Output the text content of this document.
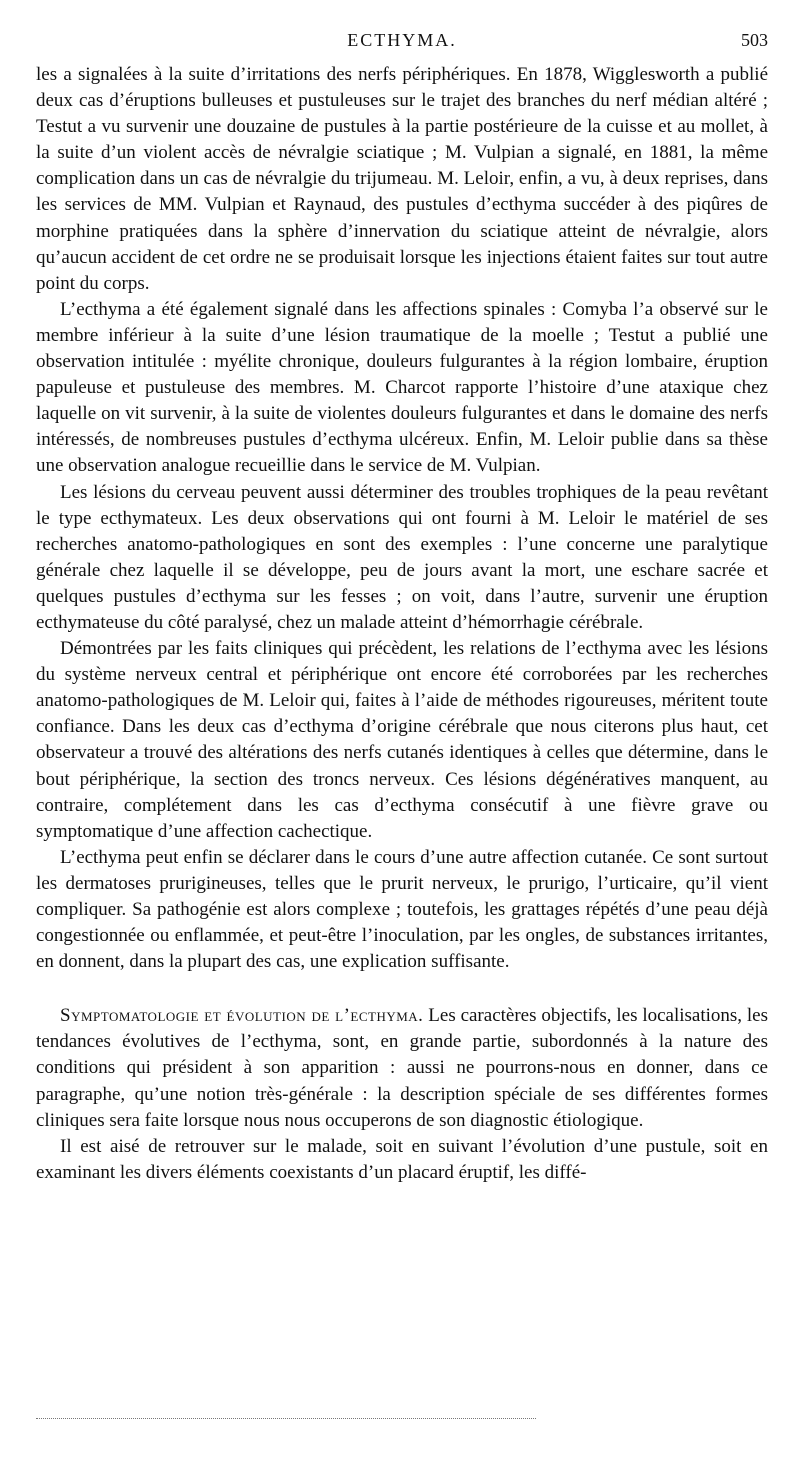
ECTHYMA.	503

les a signalées à la suite d’irritations des nerfs périphériques. En 1878, Wigglesworth a publié deux cas d’éruptions bulleuses et pustuleuses sur le trajet des branches du nerf médian altéré ; Testut a vu survenir une douzaine de pustules à la partie postérieure de la cuisse et au mollet, à la suite d’un violent accès de névralgie sciatique ; M. Vulpian a signalé, en 1881, la même complication dans un cas de névralgie du trijumeau. M. Leloir, enfin, a vu, à deux reprises, dans les services de MM. Vulpian et Raynaud, des pustules d’ecthyma succéder à des piqûres de morphine pratiquées dans la sphère d’innervation du sciatique atteint de névralgie, alors qu’aucun accident de cet ordre ne se produisait lorsque les injections étaient faites sur tout autre point du corps.

L’ecthyma a été également signalé dans les affections spinales : Comyba l’a observé sur le membre inférieur à la suite d’une lésion traumatique de la moelle ; Testut a publié une observation intitulée : myélite chronique, douleurs fulgurantes à la région lombaire, éruption papuleuse et pustuleuse des membres. M. Charcot rapporte l’histoire d’une ataxique chez laquelle on vit survenir, à la suite de violentes douleurs fulgurantes et dans le domaine des nerfs intéressés, de nombreuses pustules d’ecthyma ulcéreux. Enfin, M. Leloir publie dans sa thèse une observation analogue recueillie dans le service de M. Vulpian.

Les lésions du cerveau peuvent aussi déterminer des troubles trophiques de la peau revêtant le type ecthymateux. Les deux observations qui ont fourni à M. Leloir le matériel de ses recherches anatomo-pathologiques en sont des exemples : l’une concerne une paralytique générale chez laquelle il se développe, peu de jours avant la mort, une eschare sacrée et quelques pustules d’ecthyma sur les fesses ; on voit, dans l’autre, survenir une éruption ecthymateuse du côté paralysé, chez un malade atteint d’hémorrhagie cérébrale.

Démontrées par les faits cliniques qui précèdent, les relations de l’ecthyma avec les lésions du système nerveux central et périphérique ont encore été corroborées par les recherches anatomo-pathologiques de M. Leloir qui, faites à l’aide de méthodes rigoureuses, méritent toute confiance. Dans les deux cas d’ecthyma d’origine cérébrale que nous citerons plus haut, cet observateur a trouvé des altérations des nerfs cutanés identiques à celles que détermine, dans le bout périphérique, la section des troncs nerveux. Ces lésions dégénératives manquent, au contraire, complétement dans les cas d’ecthyma consécutif à une fièvre grave ou symptomatique d’une affection cachectique.

L’ecthyma peut enfin se déclarer dans le cours d’une autre affection cutanée. Ce sont surtout les dermatoses prurigineuses, telles que le prurit nerveux, le prurigo, l’urticaire, qu’il vient compliquer. Sa pathogénie est alors complexe ; toutefois, les grattages répétés d’une peau déjà congestionnée ou enflammée, et peut-être l’inoculation, par les ongles, de substances irritantes, en donnent, dans la plupart des cas, une explication suffisante.

Symptomatologie et évolution de l’ecthyma. Les caractères objectifs, les localisations, les tendances évolutives de l’ecthyma, sont, en grande partie, subordonnés à la nature des conditions qui président à son apparition : aussi ne pourrons-nous en donner, dans ce paragraphe, qu’une notion très-générale : la description spéciale de ses différentes formes cliniques sera faite lorsque nous nous occuperons de son diagnostic étiologique.

Il est aisé de retrouver sur le malade, soit en suivant l’évolution d’une pustule, soit en examinant les divers éléments coexistants d’un placard éruptif, les diffé-
